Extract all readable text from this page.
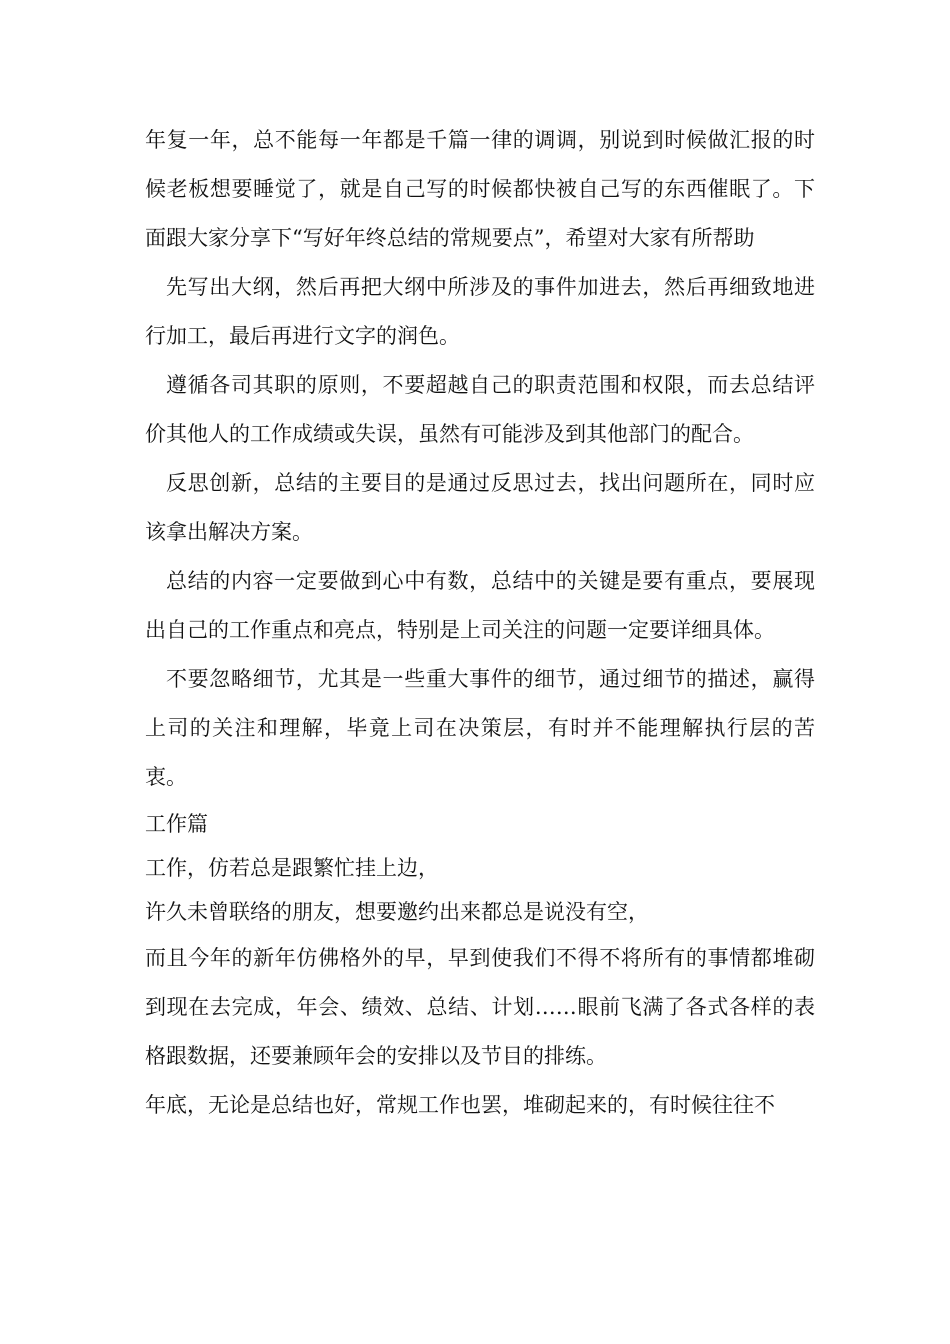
年复一年，总不能每一年都是千篇一律的调调，别说到时候做汇报的时候老板想要睡觉了，就是自己写的时候都快被自己写的东西催眠了。下面跟大家分享下“写好年终总结的常规要点”，希望对大家有所帮助

先写出大纲，然后再把大纲中所涉及的事件加进去，然后再细致地进行加工，最后再进行文字的润色。

遵循各司其职的原则，不要超越自己的职责范围和权限，而去总结评价其他人的工作成绩或失误，虽然有可能涉及到其他部门的配合。

反思创新，总结的主要目的是通过反思过去，找出问题所在，同时应该拿出解决方案。

总结的内容一定要做到心中有数，总结中的关键是要有重点，要展现出自己的工作重点和亮点，特别是上司关注的问题一定要详细具体。

不要忽略细节，尤其是一些重大事件的细节，通过细节的描述，赢得上司的关注和理解，毕竟上司在决策层，有时并不能理解执行层的苦衷。

工作篇

工作，仿若总是跟繁忙挂上边，

许久未曾联络的朋友，想要邀约出来都总是说没有空，

而且今年的新年仿佛格外的早，早到使我们不得不将所有的事情都堆砌到现在去完成，年会、绩效、总结、计划……眼前飞满了各式各样的表格跟数据，还要兼顾年会的安排以及节目的排练。

年底，无论是总结也好，常规工作也罢，堆砌起来的，有时候往往不
